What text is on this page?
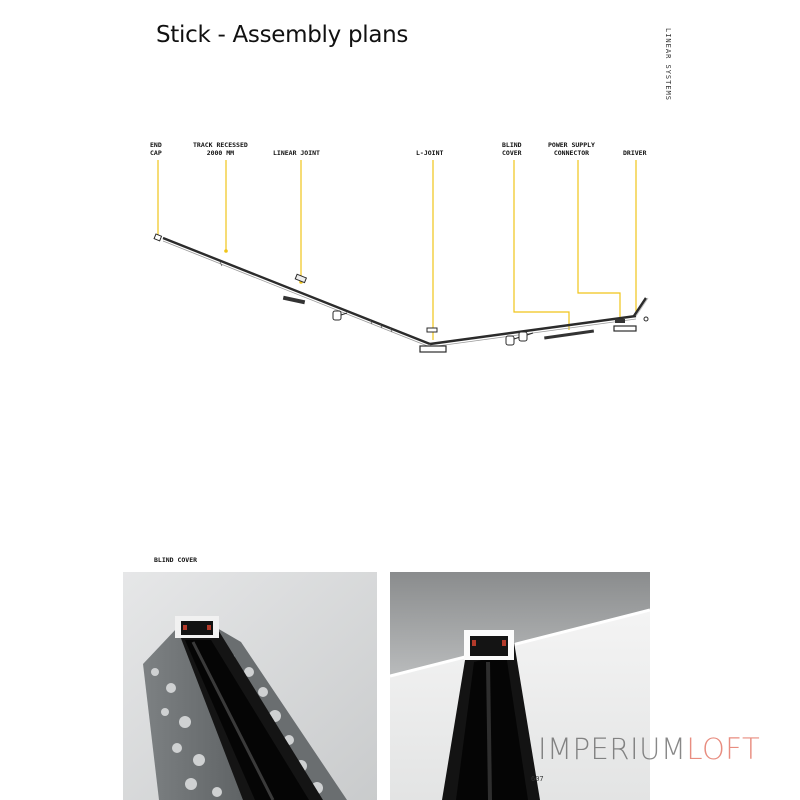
Stick - Assembly plans	LINEAR SYSTEMS
END
CAP
TRACK RECESSED
2000 MM	LINEAR JOINT	L-JOINT
BLIND
COVER
POWER SUPPLY
CONNECTOR	DRIVER
BLIND COVER
IMPERIUMLOFT
607
